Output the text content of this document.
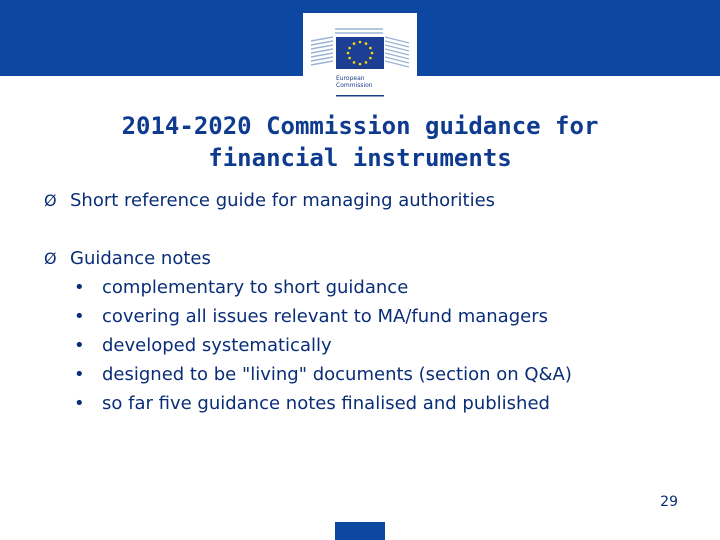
European
Commission
2014-2020 Commission guidance for
financial instruments
Ø Short reference guide for managing authorities
Ø Guidance notes
• complementary to short guidance
• covering all issues relevant to MA/fund managers
• developed systematically
• designed to be "living" documents (section on Q&A)
• so far five guidance notes finalised and published
29
